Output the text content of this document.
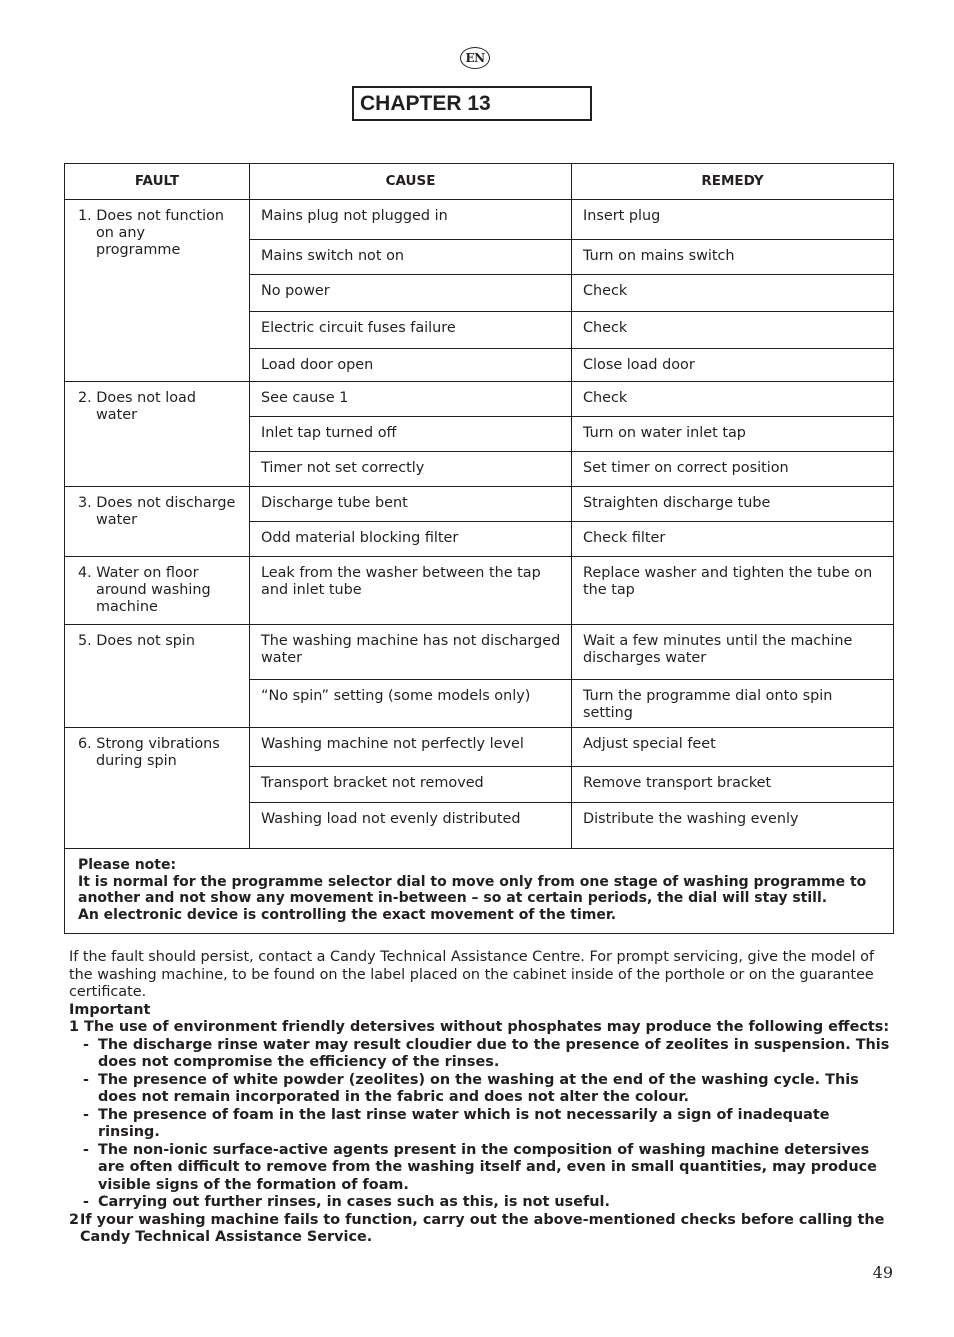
EN
CHAPTER 13
FAULT	CAUSE	REMEDY

1. Does not function
on any
programme	Mains plug not plugged in	Insert plug
	Mains switch not on	Turn on mains switch
	No power	Check
	Electric circuit fuses failure	Check
	Load door open	Close load door

2. Does not load
water	See cause 1	Check
	Inlet tap turned off	Turn on water inlet tap
	Timer not set correctly	Set timer on correct position

3. Does not discharge
water	Discharge tube bent	Straighten discharge tube
	Odd material blocking filter	Check filter

4. Water on floor
around washing
machine	Leak from the washer between the tap and inlet tube	Replace washer and tighten the tube on the tap

5. Does not spin	The washing machine has not discharged water	Wait a few minutes until the machine discharges water
	“No spin” setting (some models only)	Turn the programme dial onto spin setting

6. Strong vibrations
during spin	Washing machine not perfectly level	Adjust special feet
	Transport bracket not removed	Remove transport bracket
	Washing load not evenly distributed	Distribute the washing evenly

Please note:
It is normal for the programme selector dial to move only from one stage of washing programme to another and not show any movement in-between – so at certain periods, the dial will stay still.
An electronic device is controlling the exact movement of the timer.		

If the fault should persist, contact a Candy Technical Assistance Centre. For prompt servicing, give the model of the washing machine, to be found on the label placed on the cabinet inside of the porthole or on the guarantee certificate.

Important

1 The use of environment friendly detersives without phosphates may produce the following effects:

- The discharge rinse water may result cloudier due to the presence of zeolites in suspension. This does not compromise the efficiency of the rinses.
- The presence of white powder (zeolites) on the washing at the end of the washing cycle. This does not remain incorporated in the fabric and does not alter the colour.
- The presence of foam in the last rinse water which is not necessarily a sign of inadequate rinsing.
- The non-ionic surface-active agents present in the composition of washing machine detersives are often difficult to remove from the washing itself and, even in small quantities, may produce visible signs of the formation of foam.
- Carrying out further rinses, in cases such as this, is not useful.
2 If your washing machine fails to function, carry out the above-mentioned checks before calling the Candy Technical Assistance Service.
49
